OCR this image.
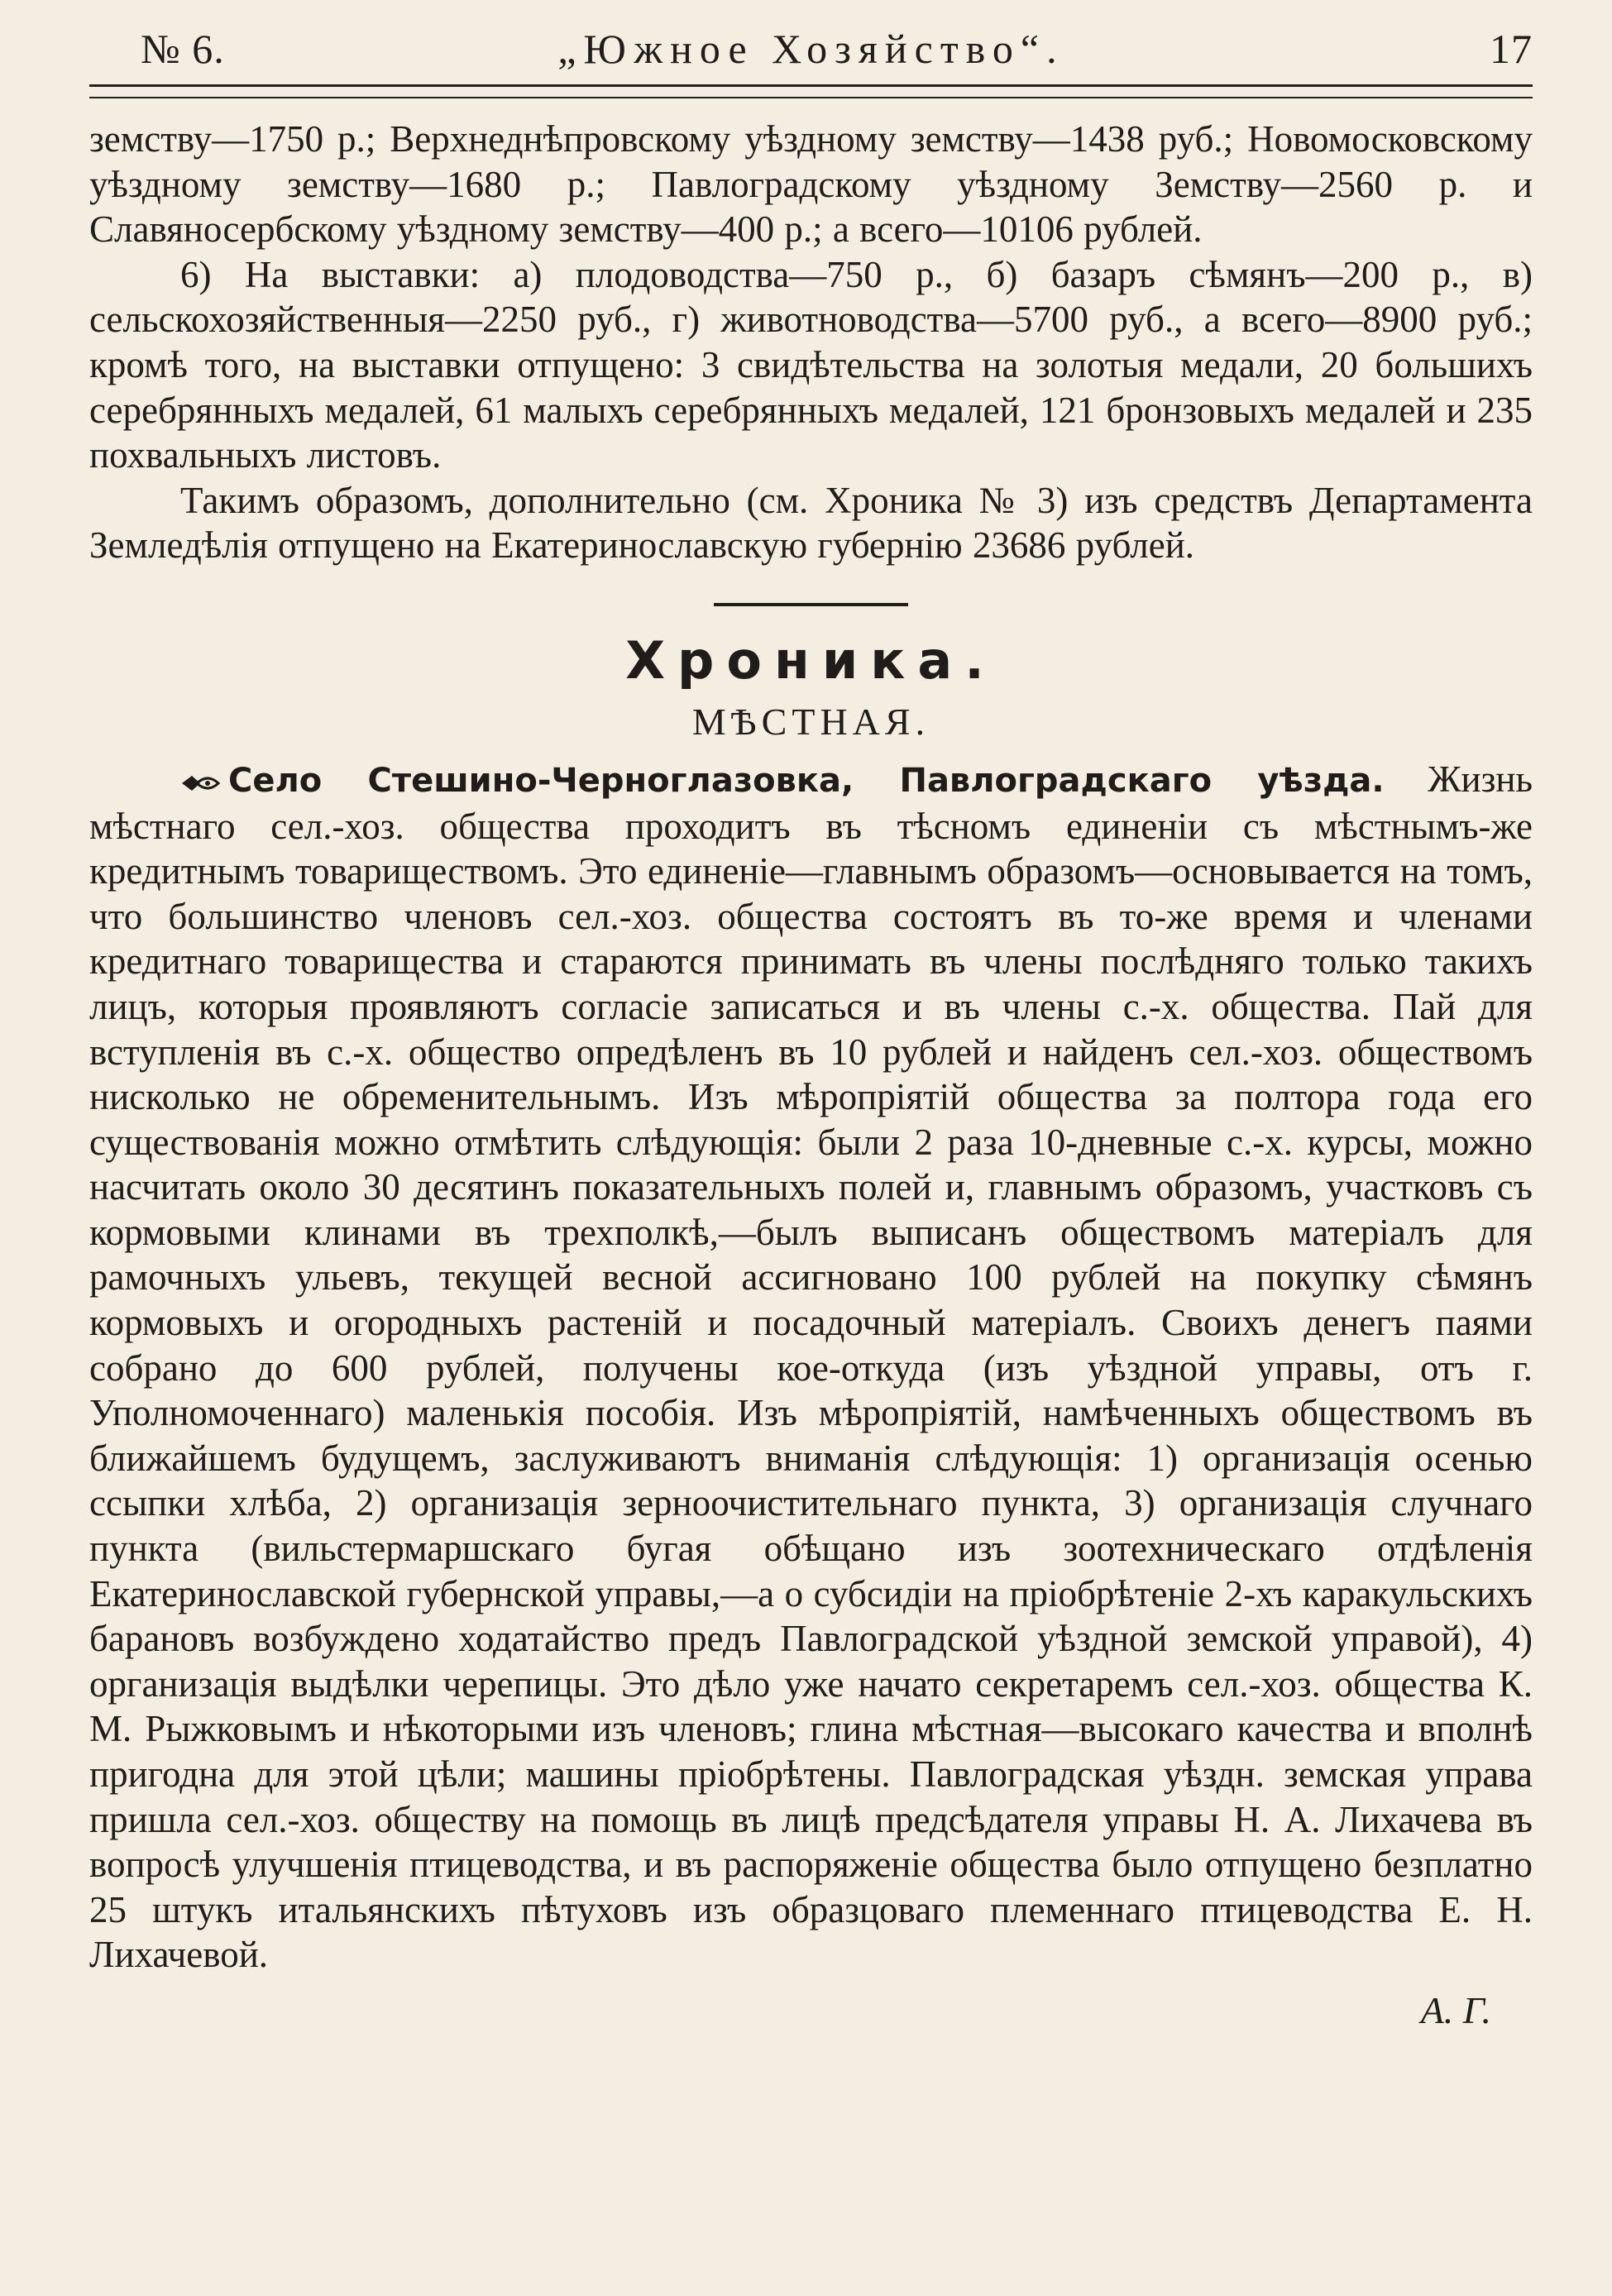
№ 6.	„Южное Хозяйство“.	17

земству—1750 р.; Верхнеднѣпровскому уѣздному земству—1438 руб.; Новомосковскому уѣздному земству—1680 р.; Павлоградскому уѣздному Земству—2560 р. и Славяносербскому уѣздному земству—400 р.; а всего—10106 рублей.

6) На выставки: а) плодоводства—750 р., б) базаръ сѣмянъ—200 р., в) сельскохозяйственныя—2250 руб., г) животноводства—5700 руб., а всего—8900 руб.; кромѣ того, на выставки отпущено: 3 свидѣтельства на золотыя медали, 20 большихъ серебрянныхъ медалей, 61 малыхъ серебрянныхъ медалей, 121 бронзовыхъ медалей и 235 похвальныхъ листовъ.

Такимъ образомъ, дополнительно (см. Хроника № 3) изъ средствъ Департамента Земледѣлія отпущено на Екатеринославскую губернію 23686 рублей.

Хроника.
МѢСТНАЯ.

Село Стешино-Черноглазовка, Павлоградскаго уѣзда. Жизнь мѣстнаго сел.-хоз. общества проходитъ въ тѣсномъ единеніи съ мѣстнымъ-же кредитнымъ товариществомъ. Это единеніе—главнымъ образомъ—основывается на томъ, что большинство членовъ сел.-хоз. общества состоятъ въ то-же время и членами кредитнаго товарищества и стараются принимать въ члены послѣдняго только такихъ лицъ, которыя проявляютъ согласіе записаться и въ члены с.-х. общества. Пай для вступленія въ с.-х. общество опредѣленъ въ 10 рублей и найденъ сел.-хоз. обществомъ нисколько не обременительнымъ. Изъ мѣропріятій общества за полтора года его существованія можно отмѣтить слѣдующія: были 2 раза 10-дневные с.-х. курсы, можно насчитать около 30 десятинъ показательныхъ полей и, главнымъ образомъ, участковъ съ кормовыми клинами въ трехполкѣ,—былъ выписанъ обществомъ матеріалъ для рамочныхъ ульевъ, текущей весной ассигновано 100 рублей на покупку сѣмянъ кормовыхъ и огородныхъ растеній и посадочный матеріалъ. Своихъ денегъ паями собрано до 600 рублей, получены кое-откуда (изъ уѣздной управы, отъ г. Уполномоченнаго) маленькія пособія. Изъ мѣропріятій, намѣченныхъ обществомъ въ ближайшемъ будущемъ, заслуживаютъ вниманія слѣдующія: 1) организація осенью ссыпки хлѣба, 2) организація зерноочистительнаго пункта, 3) организація случнаго пункта (вильстермаршскаго бугая обѣщано изъ зоотехническаго отдѣленія Екатеринославской губернской управы,—а о субсидіи на пріобрѣтеніе 2-хъ каракульскихъ барановъ возбуждено ходатайство предъ Павлоградской уѣздной земской управой), 4) организація выдѣлки черепицы. Это дѣло уже начато секретаремъ сел.-хоз. общества К. М. Рыжковымъ и нѣкоторыми изъ членовъ; глина мѣстная—высокаго качества и вполнѣ пригодна для этой цѣли; машины пріобрѣтены. Павлоградская уѣздн. земская управа пришла сел.-хоз. обществу на помощь въ лицѣ предсѣдателя управы Н. А. Лихачева въ вопросѣ улучшенія птицеводства, и въ распоряженіе общества было отпущено безплатно 25 штукъ итальянскихъ пѣтуховъ изъ образцоваго племеннаго птицеводства Е. Н. Лихачевой.

А. Г.
